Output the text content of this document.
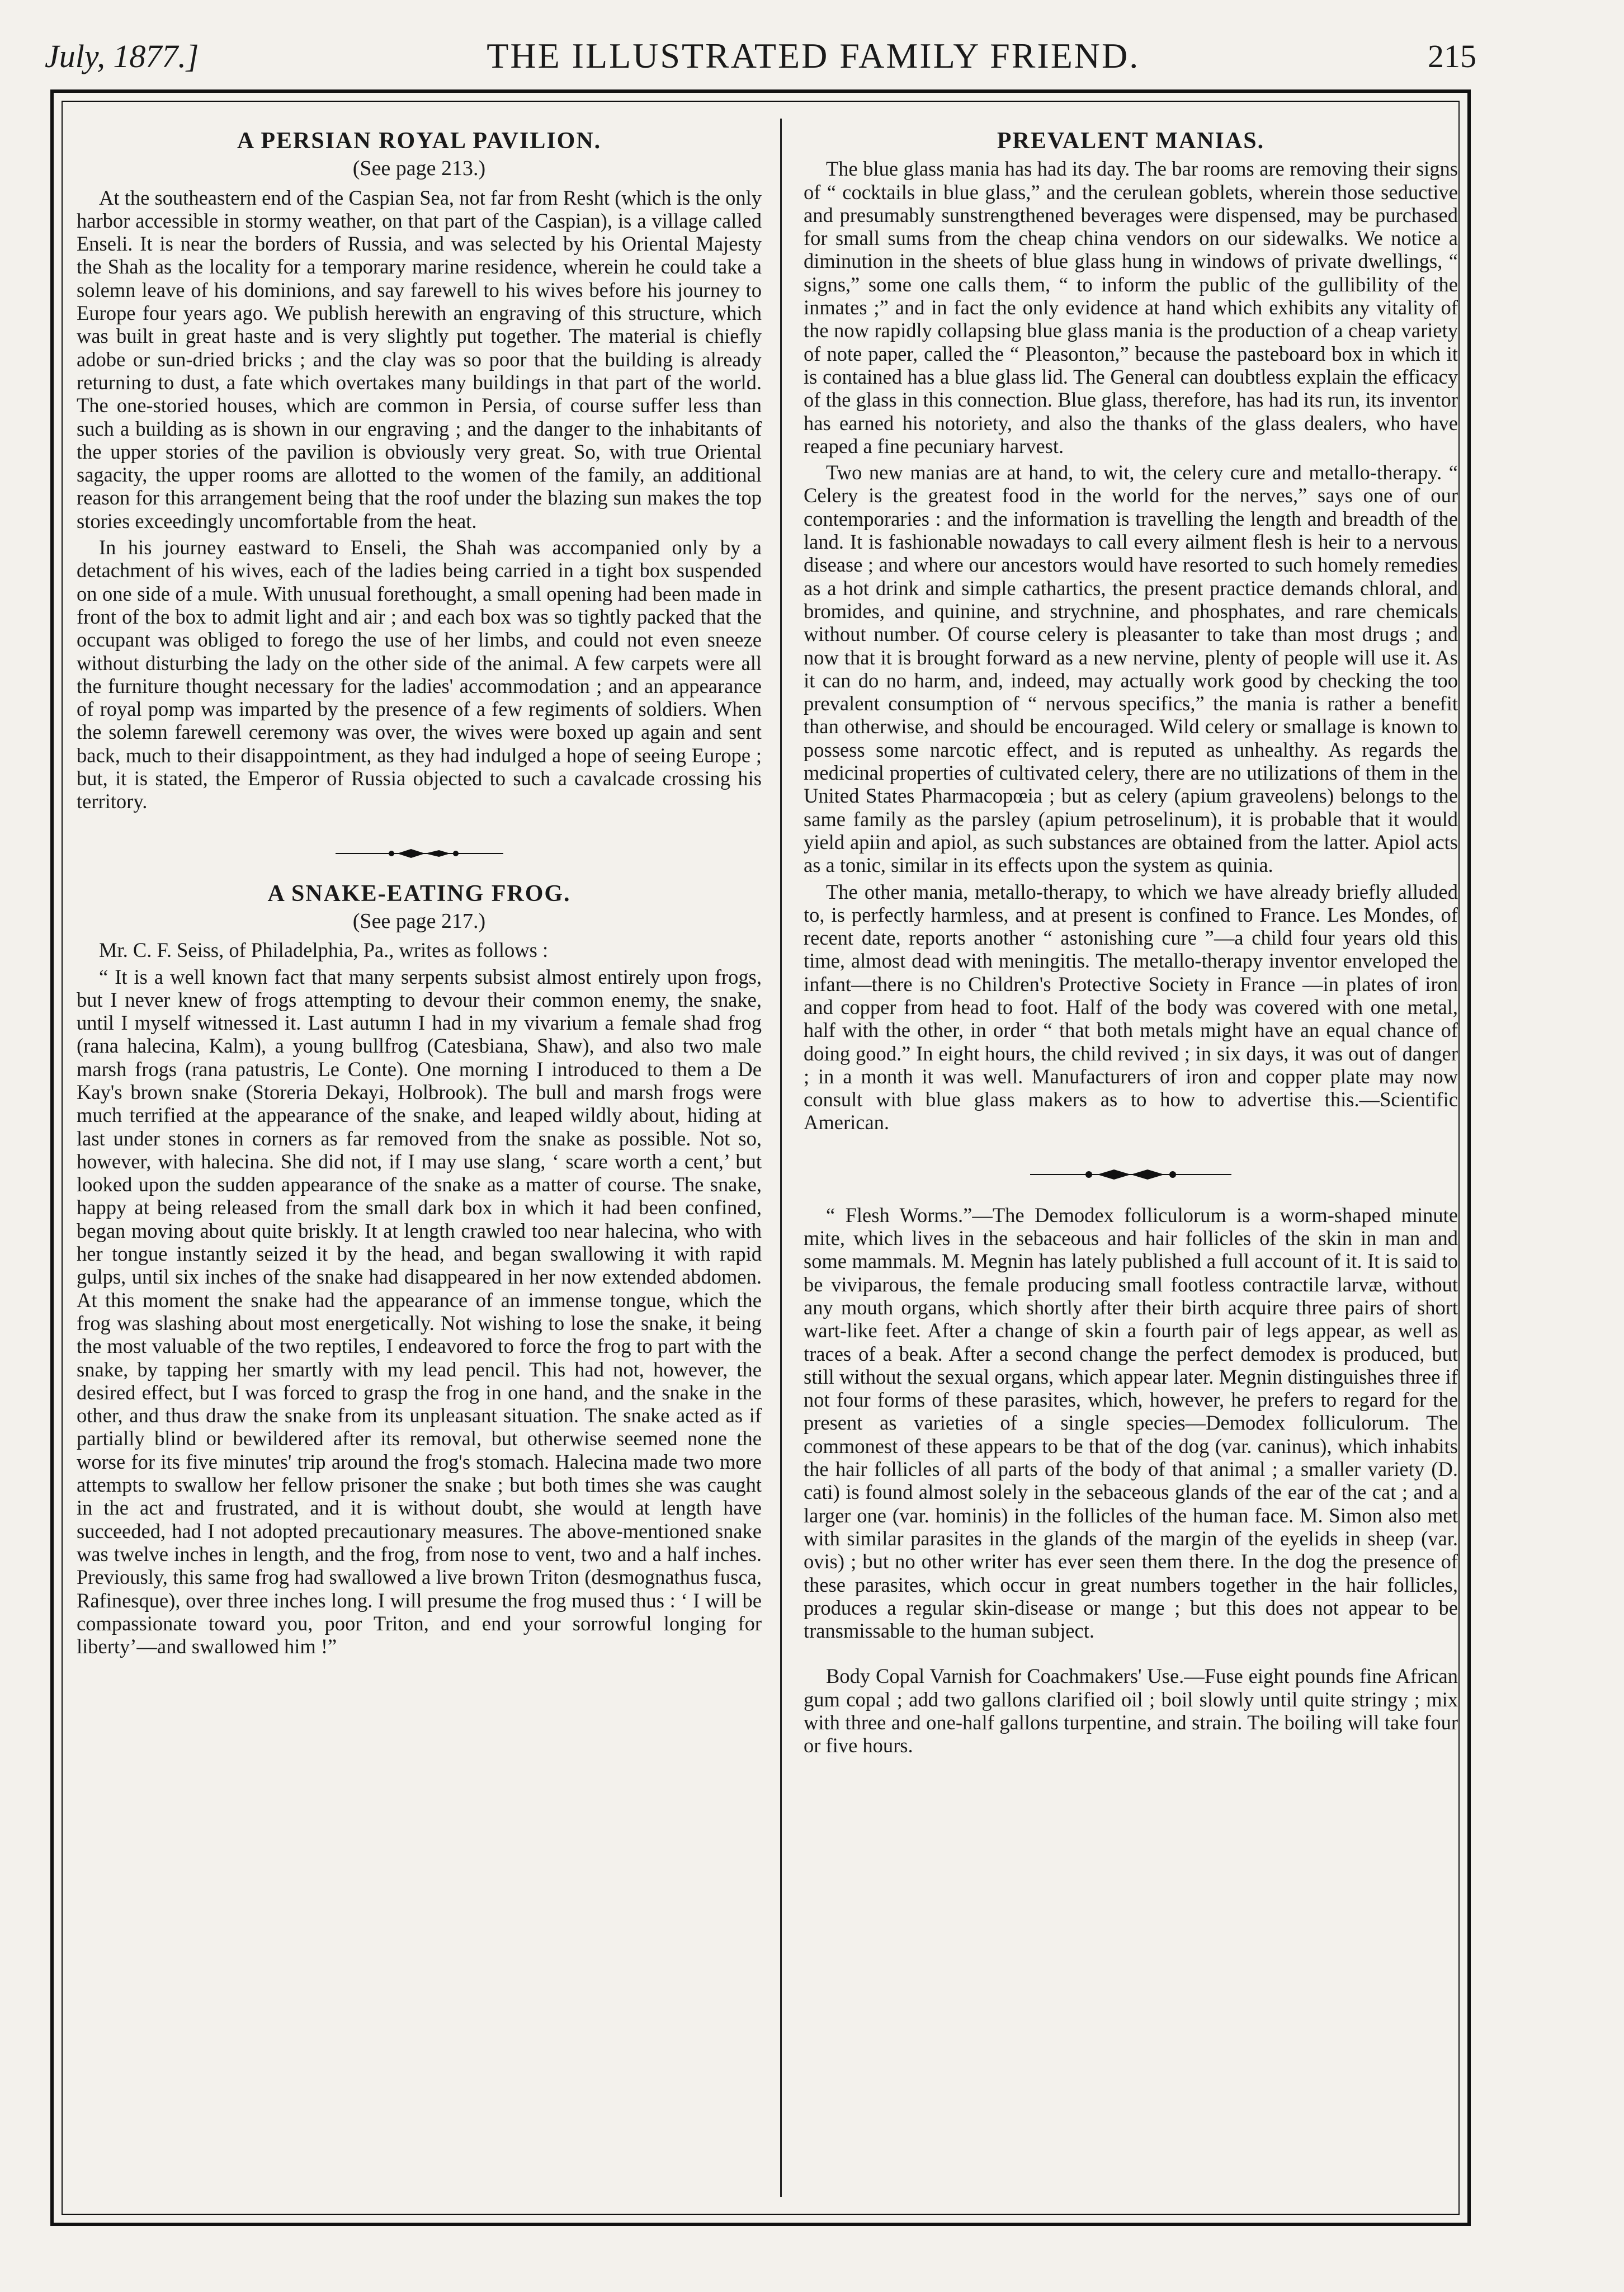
July, 1877.]	THE ILLUSTRATED FAMILY FRIEND.	215
A PERSIAN ROYAL PAVILION.
(See page 213.)

At the southeastern end of the Caspian Sea, not far from Resht (which is the only harbor accessible in stormy weather, on that part of the Caspian), is a village called Enseli. It is near the borders of Russia, and was selected by his Oriental Majesty the Shah as the locality for a temporary marine residence, wherein he could take a solemn leave of his dominions, and say farewell to his wives before his journey to Europe four years ago. We publish herewith an engraving of this structure, which was built in great haste and is very slightly put together. The material is chiefly adobe or sun-dried bricks ; and the clay was so poor that the building is already returning to dust, a fate which overtakes many buildings in that part of the world. The one-storied houses, which are common in Persia, of course suffer less than such a building as is shown in our engraving ; and the danger to the inhabitants of the upper stories of the pavilion is obviously very great. So, with true Oriental sagacity, the upper rooms are allotted to the women of the family, an additional reason for this arrangement being that the roof under the blazing sun makes the top stories exceedingly uncomfortable from the heat.

In his journey eastward to Enseli, the Shah was accompanied only by a detachment of his wives, each of the ladies being carried in a tight box suspended on one side of a mule. With unusual forethought, a small opening had been made in front of the box to admit light and air ; and each box was so tightly packed that the occupant was obliged to forego the use of her limbs, and could not even sneeze without disturbing the lady on the other side of the animal. A few carpets were all the furniture thought necessary for the ladies' accommodation ; and an appearance of royal pomp was imparted by the presence of a few regiments of soldiers. When the solemn farewell ceremony was over, the wives were boxed up again and sent back, much to their disappointment, as they had indulged a hope of seeing Europe ; but, it is stated, the Emperor of Russia objected to such a cavalcade crossing his territory.

A SNAKE-EATING FROG.
(See page 217.)

Mr. C. F. Seiss, of Philadelphia, Pa., writes as follows :

“ It is a well known fact that many serpents subsist almost entirely upon frogs, but I never knew of frogs attempting to devour their common enemy, the snake, until I myself witnessed it. Last autumn I had in my vivarium a female shad frog (rana halecina, Kalm), a young bullfrog (Catesbiana, Shaw), and also two male marsh frogs (rana patustris, Le Conte). One morning I introduced to them a De Kay's brown snake (Storeria Dekayi, Holbrook). The bull and marsh frogs were much terrified at the appearance of the snake, and leaped wildly about, hiding at last under stones in corners as far removed from the snake as possible. Not so, however, with halecina. She did not, if I may use slang, ‘ scare worth a cent,’ but looked upon the sudden appearance of the snake as a matter of course. The snake, happy at being released from the small dark box in which it had been confined, began moving about quite briskly. It at length crawled too near halecina, who with her tongue instantly seized it by the head, and began swallowing it with rapid gulps, until six inches of the snake had disappeared in her now extended abdomen. At this moment the snake had the appearance of an immense tongue, which the frog was slashing about most energetically. Not wishing to lose the snake, it being the most valuable of the two reptiles, I endeavored to force the frog to part with the snake, by tapping her smartly with my lead pencil. This had not, however, the desired effect, but I was forced to grasp the frog in one hand, and the snake in the other, and thus draw the snake from its unpleasant situation. The snake acted as if partially blind or bewildered after its removal, but otherwise seemed none the worse for its five minutes' trip around the frog's stomach. Halecina made two more attempts to swallow her fellow prisoner the snake ; but both times she was caught in the act and frustrated, and it is without doubt, she would at length have succeeded, had I not adopted precautionary measures. The above-mentioned snake was twelve inches in length, and the frog, from nose to vent, two and a half inches. Previously, this same frog had swallowed a live brown Triton (desmognathus fusca, Rafinesque), over three inches long. I will presume the frog mused thus : ‘ I will be compassionate toward you, poor Triton, and end your sorrowful longing for liberty’—and swallowed him !”

PREVALENT MANIAS.

The blue glass mania has had its day. The bar rooms are removing their signs of “ cocktails in blue glass,” and the cerulean goblets, wherein those seductive and presumably sunstrengthened beverages were dispensed, may be purchased for small sums from the cheap china vendors on our sidewalks. We notice a diminution in the sheets of blue glass hung in windows of private dwellings, “ signs,” some one calls them, “ to inform the public of the gullibility of the inmates ;” and in fact the only evidence at hand which exhibits any vitality of the now rapidly collapsing blue glass mania is the production of a cheap variety of note paper, called the “ Pleasonton,” because the pasteboard box in which it is contained has a blue glass lid. The General can doubtless explain the efficacy of the glass in this connection. Blue glass, therefore, has had its run, its inventor has earned his notoriety, and also the thanks of the glass dealers, who have reaped a fine pecuniary harvest.

Two new manias are at hand, to wit, the celery cure and metallo-therapy. “ Celery is the greatest food in the world for the nerves,” says one of our contemporaries : and the information is travelling the length and breadth of the land. It is fashionable nowadays to call every ailment flesh is heir to a nervous disease ; and where our ancestors would have resorted to such homely remedies as a hot drink and simple cathartics, the present practice demands chloral, and bromides, and quinine, and strychnine, and phosphates, and rare chemicals without number. Of course celery is pleasanter to take than most drugs ; and now that it is brought forward as a new nervine, plenty of people will use it. As it can do no harm, and, indeed, may actually work good by checking the too prevalent consumption of “ nervous specifics,” the mania is rather a benefit than otherwise, and should be encouraged. Wild celery or smallage is known to possess some narcotic effect, and is reputed as unhealthy. As regards the medicinal properties of cultivated celery, there are no utilizations of them in the United States Pharmacopœia ; but as celery (apium graveolens) belongs to the same family as the parsley (apium petroselinum), it is probable that it would yield apiin and apiol, as such substances are obtained from the latter. Apiol acts as a tonic, similar in its effects upon the system as quinia.

The other mania, metallo-therapy, to which we have already briefly alluded to, is perfectly harmless, and at present is confined to France. Les Mondes, of recent date, reports another “ astonishing cure ”—a child four years old this time, almost dead with meningitis. The metallo-therapy inventor enveloped the infant—there is no Children's Protective Society in France —in plates of iron and copper from head to foot. Half of the body was covered with one metal, half with the other, in order “ that both metals might have an equal chance of doing good.” In eight hours, the child revived ; in six days, it was out of danger ; in a month it was well. Manufacturers of iron and copper plate may now consult with blue glass makers as to how to advertise this.—Scientific American.

“ Flesh Worms.”—The Demodex folliculorum is a worm-shaped minute mite, which lives in the sebaceous and hair follicles of the skin in man and some mammals. M. Megnin has lately published a full account of it. It is said to be viviparous, the female producing small footless contractile larvæ, without any mouth organs, which shortly after their birth acquire three pairs of short wart-like feet. After a change of skin a fourth pair of legs appear, as well as traces of a beak. After a second change the perfect demodex is produced, but still without the sexual organs, which appear later. Megnin distinguishes three if not four forms of these parasites, which, however, he prefers to regard for the present as varieties of a single species—Demodex folliculorum. The commonest of these appears to be that of the dog (var. caninus), which inhabits the hair follicles of all parts of the body of that animal ; a smaller variety (D. cati) is found almost solely in the sebaceous glands of the ear of the cat ; and a larger one (var. hominis) in the follicles of the human face. M. Simon also met with similar parasites in the glands of the margin of the eyelids in sheep (var. ovis) ; but no other writer has ever seen them there. In the dog the presence of these parasites, which occur in great numbers together in the hair follicles, produces a regular skin-disease or mange ; but this does not appear to be transmissable to the human subject.

Body Copal Varnish for Coachmakers' Use.—Fuse eight pounds fine African gum copal ; add two gallons clarified oil ; boil slowly until quite stringy ; mix with three and one-half gallons turpentine, and strain. The boiling will take four or five hours.
